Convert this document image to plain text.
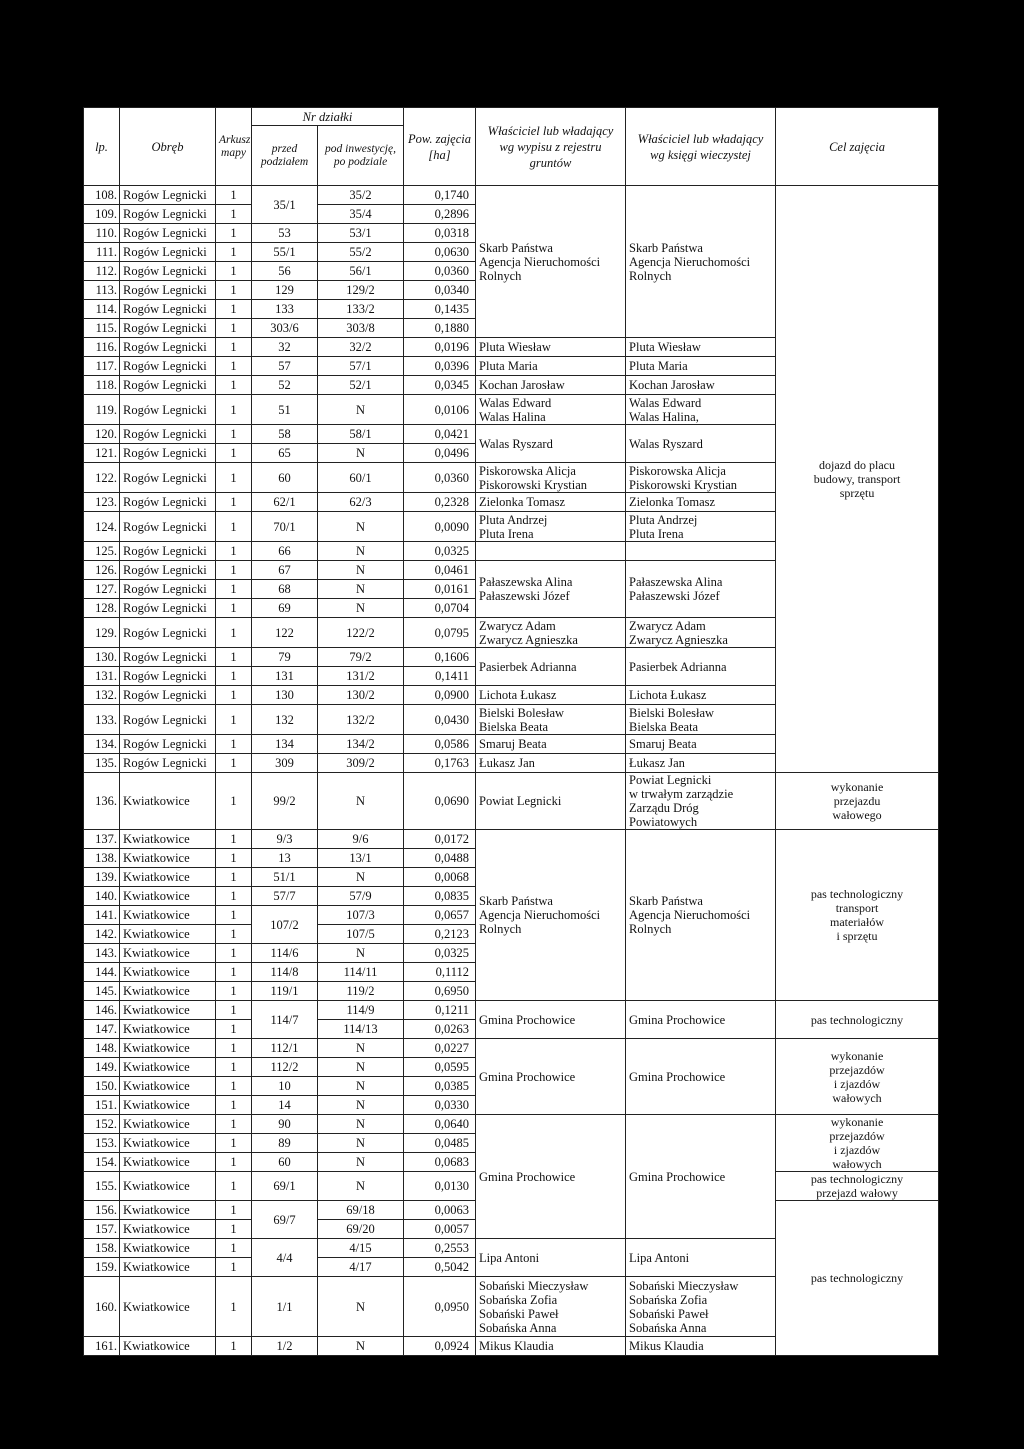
lp.	Obręb	Arkusz mapy	Nr działki		Pow. zajęcia [ha]	Właściciel lub władający wg wypisu z rejestru gruntów	Właściciel lub władający wg księgi wieczystej	Cel zajęcia
			przed podziałem	pod inwestycję, po podziale				
108.	Rogów Legnicki	1	35/1	35/2	0,1740	Skarb Państwa
Agencja Nieruchomości
Rolnych	Skarb Państwa
Agencja Nieruchomości
Rolnych	dojazd do placu
budowy, transport
sprzętu

109.	Rogów Legnicki	1		35/4	0,2896			
110.	Rogów Legnicki	1	53	53/1	0,0318			
111.	Rogów Legnicki	1	55/1	55/2	0,0630			
112.	Rogów Legnicki	1	56	56/1	0,0360			
113.	Rogów Legnicki	1	129	129/2	0,0340			
114.	Rogów Legnicki	1	133	133/2	0,1435			
115.	Rogów Legnicki	1	303/6	303/8	0,1880			
116.	Rogów Legnicki	1	32	32/2	0,0196	Pluta Wiesław	Pluta Wiesław	

117.	Rogów Legnicki	1	57	57/1	0,0396	Pluta Maria	Pluta Maria	

118.	Rogów Legnicki	1	52	52/1	0,0345	Kochan Jarosław	Kochan Jarosław	

119.	Rogów Legnicki	1	51	N	0,0106	Walas Edward
Walas Halina	Walas Edward
Walas Halina,	

120.	Rogów Legnicki	1	58	58/1	0,0421	Walas Ryszard	Walas Ryszard	

121.	Rogów Legnicki	1	65	N	0,0496			
122.	Rogów Legnicki	1	60	60/1	0,0360	Piskorowska Alicja
Piskorowski Krystian	Piskorowska Alicja
Piskorowski Krystian	

123.	Rogów Legnicki	1	62/1	62/3	0,2328	Zielonka Tomasz	Zielonka Tomasz	

124.	Rogów Legnicki	1	70/1	N	0,0090	Pluta Andrzej
Pluta Irena	Pluta Andrzej
Pluta Irena	

125.	Rogów Legnicki	1	66	N	0,0325			
126.	Rogów Legnicki	1	67	N	0,0461	Pałaszewska Alina
Pałaszewski Józef	Pałaszewska Alina
Pałaszewski Józef	

127.	Rogów Legnicki	1	68	N	0,0161			
128.	Rogów Legnicki	1	69	N	0,0704			
129.	Rogów Legnicki	1	122	122/2	0,0795	Zwarycz Adam
Zwarycz Agnieszka	Zwarycz Adam
Zwarycz Agnieszka	

130.	Rogów Legnicki	1	79	79/2	0,1606	Pasierbek Adrianna	Pasierbek Adrianna	

131.	Rogów Legnicki	1	131	131/2	0,1411			
132.	Rogów Legnicki	1	130	130/2	0,0900	Lichota Łukasz	Lichota Łukasz	

133.	Rogów Legnicki	1	132	132/2	0,0430	Bielski Bolesław
Bielska Beata	Bielski Bolesław
Bielska Beata	

134.	Rogów Legnicki	1	134	134/2	0,0586	Smaruj Beata	Smaruj Beata	

135.	Rogów Legnicki	1	309	309/2	0,1763	Łukasz Jan	Łukasz Jan	

136.	Kwiatkowice	1	99/2	N	0,0690	Powiat Legnicki	Powiat Legnicki
w trwałym zarządzie
Zarządu Dróg
Powiatowych	wykonanie
przejazdu
wałowego

137.	Kwiatkowice	1	9/3	9/6	0,0172	Skarb Państwa
Agencja Nieruchomości
Rolnych	Skarb Państwa
Agencja Nieruchomości
Rolnych	pas technologiczny
transport
materiałów
i sprzętu

138.	Kwiatkowice	1	13	13/1	0,0488			
139.	Kwiatkowice	1	51/1	N	0,0068			
140.	Kwiatkowice	1	57/7	57/9	0,0835			
141.	Kwiatkowice	1	107/2	107/3	0,0657			
142.	Kwiatkowice	1		107/5	0,2123			
143.	Kwiatkowice	1	114/6	N	0,0325			
144.	Kwiatkowice	1	114/8	114/11	0,1112			
145.	Kwiatkowice	1	119/1	119/2	0,6950			
146.	Kwiatkowice	1	114/7	114/9	0,1211	Gmina Prochowice	Gmina Prochowice	pas technologiczny

147.	Kwiatkowice	1		114/13	0,0263			
148.	Kwiatkowice	1	112/1	N	0,0227	Gmina Prochowice	Gmina Prochowice	wykonanie
przejazdów
i zjazdów
wałowych

149.	Kwiatkowice	1	112/2	N	0,0595			
150.	Kwiatkowice	1	10	N	0,0385			
151.	Kwiatkowice	1	14	N	0,0330			
152.	Kwiatkowice	1	90	N	0,0640	Gmina Prochowice	Gmina Prochowice	wykonanie
przejazdów
i zjazdów
wałowych

153.	Kwiatkowice	1	89	N	0,0485			
154.	Kwiatkowice	1	60	N	0,0683			
155.	Kwiatkowice	1	69/1	N	0,0130			pas technologiczny
przejazd wałowy

156.	Kwiatkowice	1	69/7	69/18	0,0063			pas technologiczny

157.	Kwiatkowice	1		69/20	0,0057			
158.	Kwiatkowice	1	4/4	4/15	0,2553	Lipa Antoni	Lipa Antoni	

159.	Kwiatkowice	1		4/17	0,5042			
160.	Kwiatkowice	1	1/1	N	0,0950	Sobański Mieczysław
Sobańska Zofia
Sobański Paweł
Sobańska Anna	Sobański Mieczysław
Sobańska Zofia
Sobański Paweł
Sobańska Anna	

161.	Kwiatkowice	1	1/2	N	0,0924	Mikus Klaudia	Mikus Klaudia	
